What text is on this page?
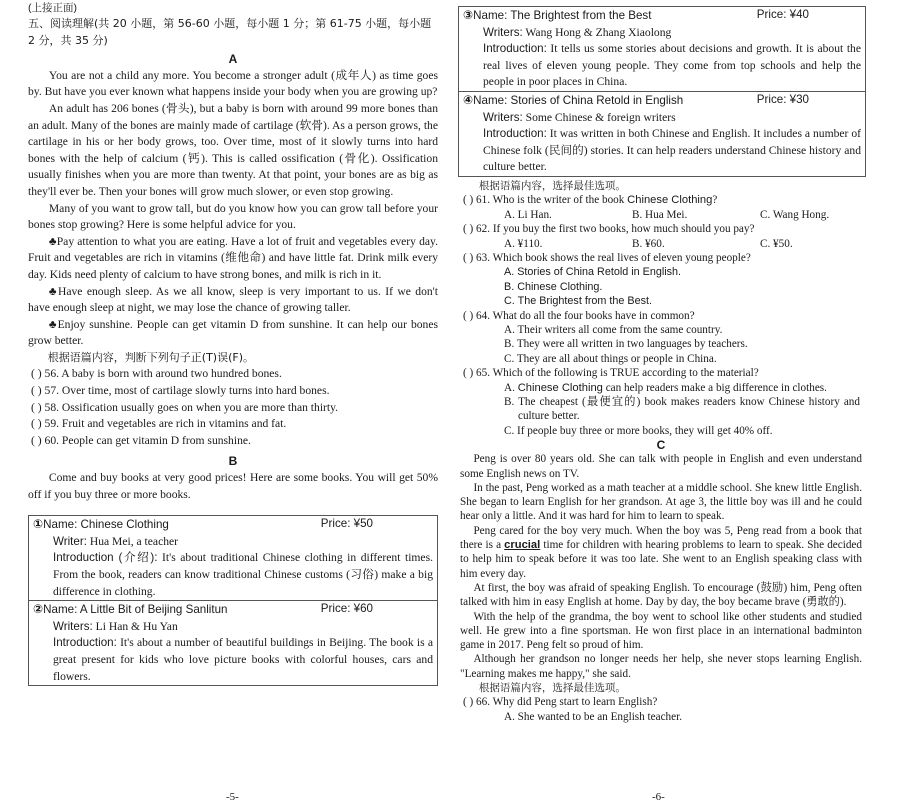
(上接正面)

五、阅读理解(共 20 小题，第 56-60 小题，每小题 1 分；第 61-75 小题，每小题 2 分，共 35 分)

A

You are not a child any more. You become a stronger adult (成年人) as time goes by. But have you ever known what happens inside your body when you are growing up?

An adult has 206 bones (骨头), but a baby is born with around 99 more bones than an adult. Many of the bones are mainly made of cartilage (软骨). As a person grows, the cartilage in his or her body grows, too. Over time, most of it slowly turns into hard bones with the help of calcium (钙). This is called ossification (骨化). Ossification usually finishes when you are more than twenty. At that point, your bones are as big as they'll ever be. Then your bones will grow much slower, or even stop growing.

Many of you want to grow tall, but do you know how you can grow tall before your bones stop growing? Here is some helpful advice for you.

♣Pay attention to what you are eating. Have a lot of fruit and vegetables every day. Fruit and vegetables are rich in vitamins (维他命) and have little fat. Drink milk every day. Kids need plenty of calcium to have strong bones, and milk is rich in it.

♣Have enough sleep. As we all know, sleep is very important to us. If we don't have enough sleep at night, we may lose the chance of growing taller.

♣Enjoy sunshine. People can get vitamin D from sunshine. It can help our bones grow better.

根据语篇内容，判断下列句子正(T)误(F)。

( ) 56. A baby is born with around two hundred bones.

( ) 57. Over time, most of cartilage slowly turns into hard bones.

( ) 58. Ossification usually goes on when you are more than thirty.

( ) 59. Fruit and vegetables are rich in vitamins and fat.

( ) 60. People can get vitamin D from sunshine.

B

Come and buy books at very good prices! Here are some books. You will get 50% off if you buy three or more books.

①Name: Chinese Clothing	Price: ¥50

Writer: Hua Mei, a teacher

Introduction (介绍): It's about traditional Chinese clothing in different times. From the book, readers can know traditional Chinese customs (习俗) make a big difference in clothing.

②Name: A Little Bit of Beijing Sanlitun	Price: ¥60

Writers: Li Han & Hu Yan

Introduction: It's about a number of beautiful buildings in Beijing. The book is a great present for kids who love picture books with colorful houses, cars and flowers.

③Name: The Brightest from the Best	Price: ¥40

Writers: Wang Hong & Zhang Xiaolong

Introduction: It tells us some stories about decisions and growth. It is about the real lives of eleven young people. They come from top schools and help the people in poor places in China.

④Name: Stories of China Retold in English	Price: ¥30

Writers: Some Chinese & foreign writers

Introduction: It was written in both Chinese and English. It includes a number of Chinese folk (民间的) stories. It can help readers understand Chinese history and culture better.

根据语篇内容，选择最佳选项。

( ) 61. Who is the writer of the book Chinese Clothing?

A. Li Han.	B. Hua Mei.	C. Wang Hong.

( ) 62. If you buy the first two books, how much should you pay?

A. ¥110.	B. ¥60.	C. ¥50.

( ) 63. Which book shows the real lives of eleven young people?

A. Stories of China Retold in English.

B. Chinese Clothing.

C. The Brightest from the Best.

( ) 64. What do all the four books have in common?

A. Their writers all come from the same country.

B. They were all written in two languages by teachers.

C. They are all about things or people in China.

( ) 65. Which of the following is TRUE according to the material?

A. Chinese Clothing can help readers make a big difference in clothes.

B. The cheapest (最便宜的) book makes readers know Chinese history and culture better.

C. If people buy three or more books, they will get 40% off.

C

Peng is over 80 years old. She can talk with people in English and even understand some English news on TV.

In the past, Peng worked as a math teacher at a middle school. She knew little English. She began to learn English for her grandson. At age 3, the little boy was ill and he could hear only a little. And it was hard for him to learn to speak.

Peng cared for the boy very much. When the boy was 5, Peng read from a book that there is a crucial time for children with hearing problems to learn to speak. She decided to help him to speak before it was too late. She went to an English speaking class with him every day.

At first, the boy was afraid of speaking English. To encourage (鼓励) him, Peng often talked with him in easy English at home. Day by day, the boy became brave (勇敢的).

With the help of the grandma, the boy went to school like other students and studied well. He grew into a fine sportsman. He won first place in an international badminton game in 2017. Peng felt so proud of him.

Although her grandson no longer needs her help, she never stops learning English. "Learning makes me happy," she said.

根据语篇内容，选择最佳选项。

( ) 66. Why did Peng start to learn English?

A. She wanted to be an English teacher.

-5-	-6-
